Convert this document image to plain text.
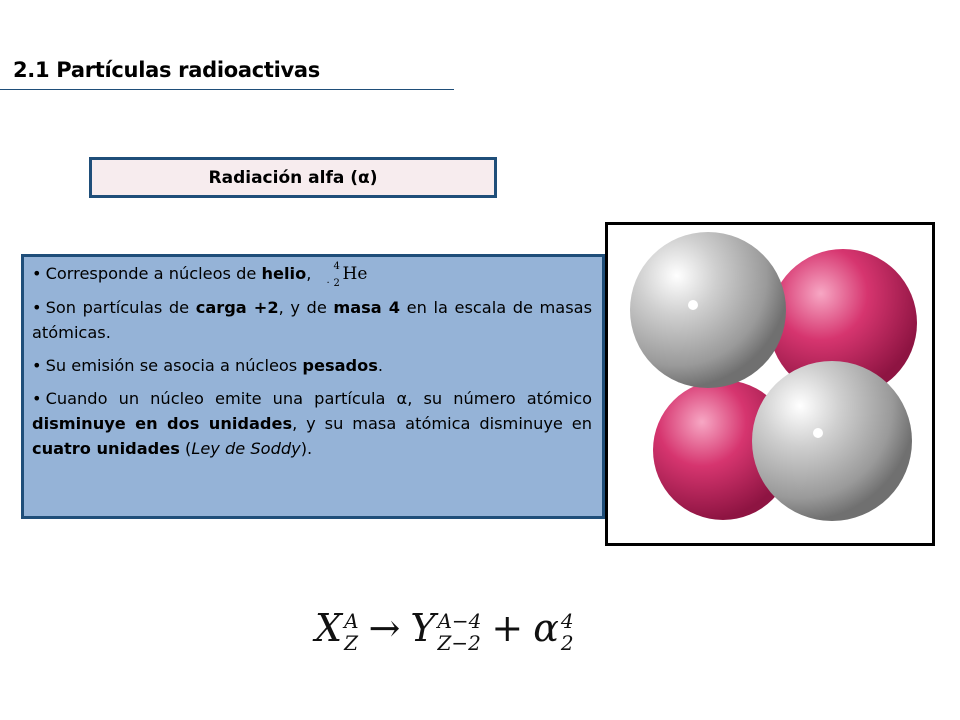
2.1 Partículas radioactivas
Radiación alfa (α)

• Corresponde a núcleos de helio, .
4
2 He

• Son partículas de carga +2, y de masa 4 en la escala de masas atómicas.

• Su emisión se asocia a núcleos pesados.

• Cuando un núcleo emite una partícula α, su número atómico disminuye en dos unidades, y su masa atómica disminuye en cuatro unidades (Ley de Soddy).

X A
Z → Y A−4
Z−2 + α 4
2
